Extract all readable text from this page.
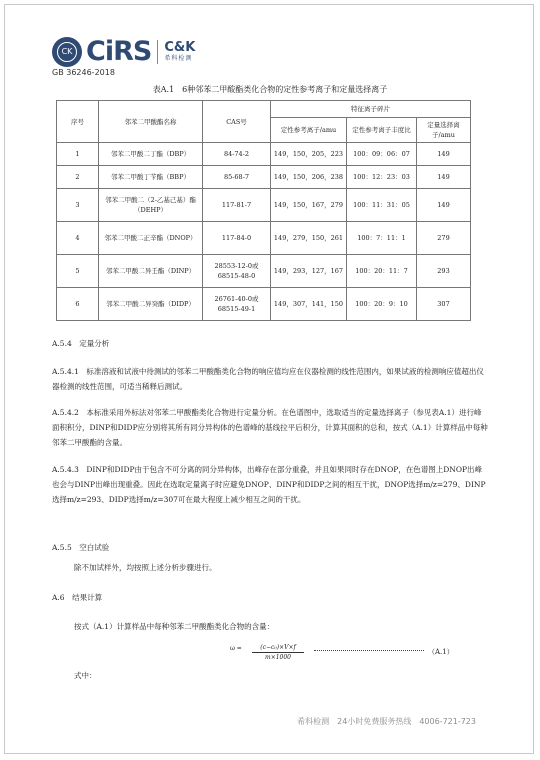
CK CiRS C&K
希科检测
GB 36246-2018
表A.1　6种邻苯二甲酸酯类化合物的定性参考离子和定量选择离子
序号	邻苯二甲酸酯名称	CAS号	特征离子碎片		
			定性参考离子/amu	定性参考离子丰度比	定量选择离子/amu
1	邻苯二甲酸二丁酯（DBP）	84-74-2	149，150，205，223	100：09：06：07	149
2	邻苯二甲酸丁苄酯（BBP）	85-68-7	149，150，206，238	100：12：23：03	149
3	邻苯二甲酸二（2-乙基己基）酯（DEHP）	117-81-7	149，150，167，279	100：11：31：05	149
4	邻苯二甲酸二正辛酯（DNOP）	117-84-0	149，279，150，261	100：7：11：1	279
5	邻苯二甲酸二异壬酯（DINP）	28553-12-0或68515-48-0	149，293，127，167	100：20：11：7	293
6	邻苯二甲酸二异癸酯（DIDP）	26761-40-0或68515-49-1	149，307，141，150	100：20：9：10	307
A.5.4　定量分析
A.5.4.1　标准溶液和试液中待测试的邻苯二甲酸酯类化合物的响应值均应在仪器检测的线性范围内，如果试液的检测响应值超出仪器检测的线性范围，可适当稀释后测试。
A.5.4.2　本标准采用外标法对邻苯二甲酸酯类化合物进行定量分析。在色谱图中，选取适当的定量选择离子（参见表A.1）进行峰面积积分，DINP和DIDP应分别将其所有同分异构体的色谱峰的基线拉平后积分，计算其面积的总和，按式（A.1）计算样品中每种邻苯二甲酸酯的含量。
A.5.4.3　DINP和DIDP由于包含不可分离的同分异构体，出峰存在部分重叠，并且如果同时存在DNOP，在色谱图上DNOP出峰也会与DINP出峰出现重叠。因此在选取定量离子时应避免DNOP、DINP和DIDP之间的相互干扰，DNOP选择m/z=279、DINP选择m/z=293、DIDP选择m/z=307可在最大程度上减少相互之间的干扰。
A.5.5　空白试验
除不加试样外，均按照上述分析步骤进行。
A.6　结果计算
按式（A.1）计算样品中每种邻苯二甲酸酯类化合物的含量：
$\omega = \frac{\text{(c−c₀)×V×f}}{m\times 1000}$	（A.1）
式中：
希科检测　24小时免费服务热线　4006-721-723
